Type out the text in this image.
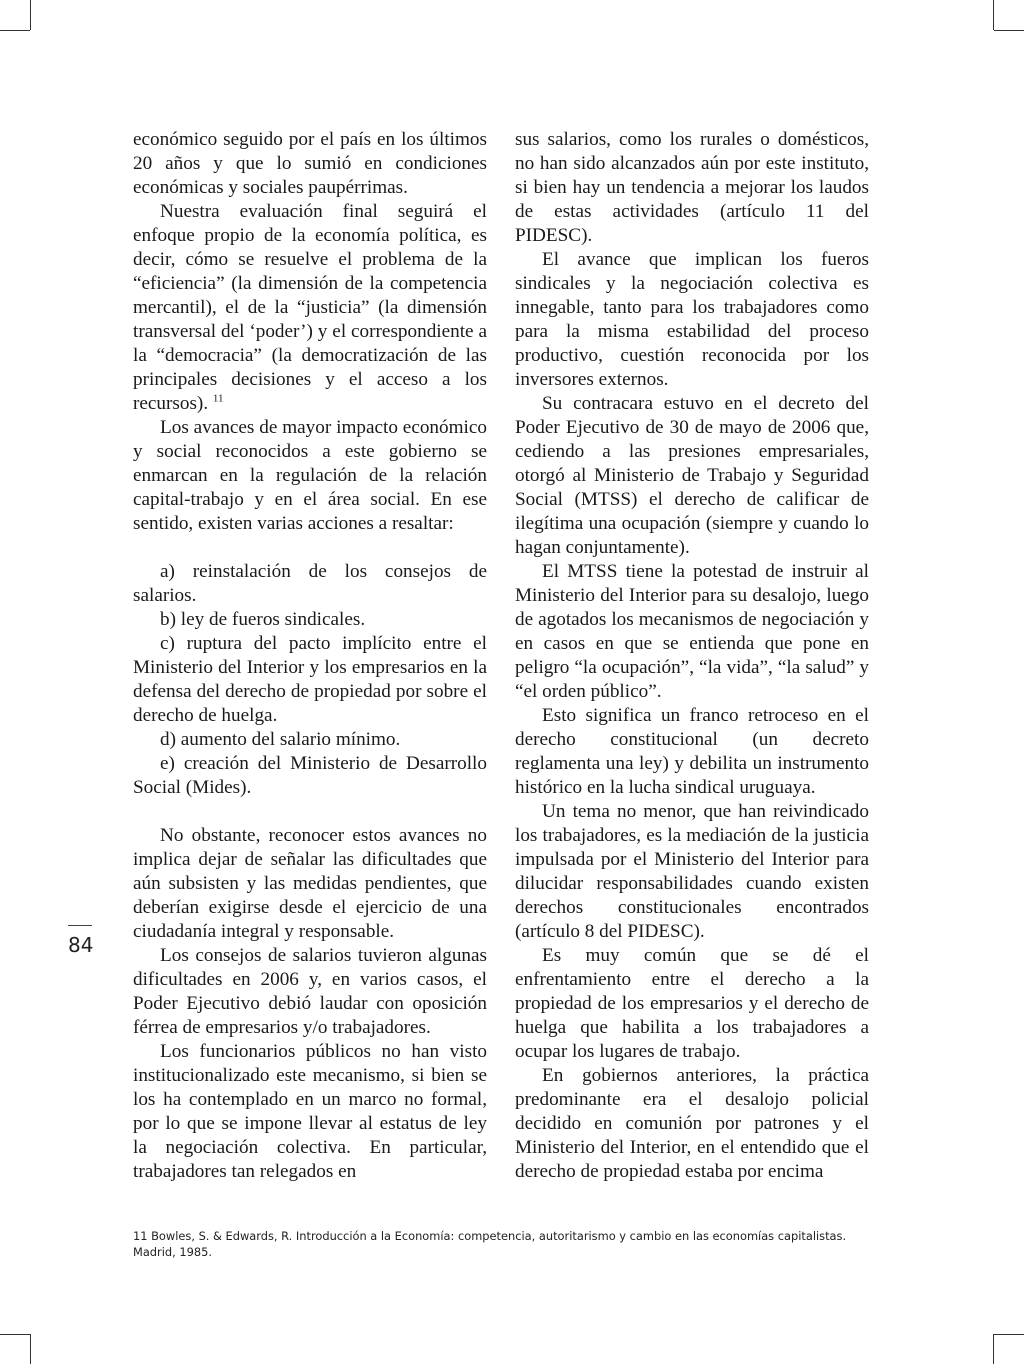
económico seguido por el país en los últimos 20 años y que lo sumió en condiciones económicas y sociales paupérrimas.

Nuestra evaluación final seguirá el enfoque propio de la economía política, es decir, cómo se resuelve el problema de la “eficiencia” (la dimensión de la competencia mercantil), el de la “justicia” (la dimensión transversal del ‘poder’) y el correspondiente a la “democracia” (la democratización de las principales decisiones y el acceso a los recursos). $^{11}$

Los avances de mayor impacto económico y social reconocidos a este gobierno se enmarcan en la regulación de la relación capital-trabajo y en el área social. En ese sentido, existen varias acciones a resaltar:

a) reinstalación de los consejos de salarios.

b) ley de fueros sindicales.

c) ruptura del pacto implícito entre el Ministerio del Interior y los empresarios en la defensa del derecho de propiedad por sobre el derecho de huelga.

d) aumento del salario mínimo.

e) creación del Ministerio de Desarrollo Social (Mides).

No obstante, reconocer estos avances no implica dejar de señalar las dificultades que aún subsisten y las medidas pendientes, que deberían exigirse desde el ejercicio de una ciudadanía integral y responsable.

Los consejos de salarios tuvieron algunas dificultades en 2006 y, en varios casos, el Poder Ejecutivo debió laudar con oposición férrea de empresarios y/o trabajadores.

Los funcionarios públicos no han visto institucionalizado este mecanismo, si bien se los ha contemplado en un marco no formal, por lo que se impone llevar al estatus de ley la negociación colectiva. En particular, trabajadores tan relegados en

sus salarios, como los rurales o domésticos, no han sido alcanzados aún por este instituto, si bien hay un tendencia a mejorar los laudos de estas actividades (artículo 11 del PIDESC).

El avance que implican los fueros sindicales y la negociación colectiva es innegable, tanto para los trabajadores como para la misma estabilidad del proceso productivo, cuestión reconocida por los inversores externos.

Su contracara estuvo en el decreto del Poder Ejecutivo de 30 de mayo de 2006 que, cediendo a las presiones empresariales, otorgó al Ministerio de Trabajo y Seguridad Social (MTSS) el derecho de calificar de ilegítima una ocupación (siempre y cuando lo hagan conjuntamente).

El MTSS tiene la potestad de instruir al Ministerio del Interior para su desalojo, luego de agotados los mecanismos de negociación y en casos en que se entienda que pone en peligro “la ocupación”, “la vida”, “la salud” y “el orden público”.

Esto significa un franco retroceso en el derecho constitucional (un decreto reglamenta una ley) y debilita un instrumento histórico en la lucha sindical uruguaya.

Un tema no menor, que han reivindicado los trabajadores, es la mediación de la justicia impulsada por el Ministerio del Interior para dilucidar responsabilidades cuando existen derechos constitucionales encontrados (artículo 8 del PIDESC).

Es muy común que se dé el enfrentamiento entre el derecho a la propiedad de los empresarios y el derecho de huelga que habilita a los trabajadores a ocupar los lugares de trabajo.

En gobiernos anteriores, la práctica predominante era el desalojo policial decidido en comunión por patrones y el Ministerio del Interior, en el entendido que el derecho de propiedad estaba por encima

84
11 Bowles, S. & Edwards, R. Introducción a la Economía: competencia, autoritarismo y cambio en las economías capitalistas. Madrid, 1985.
